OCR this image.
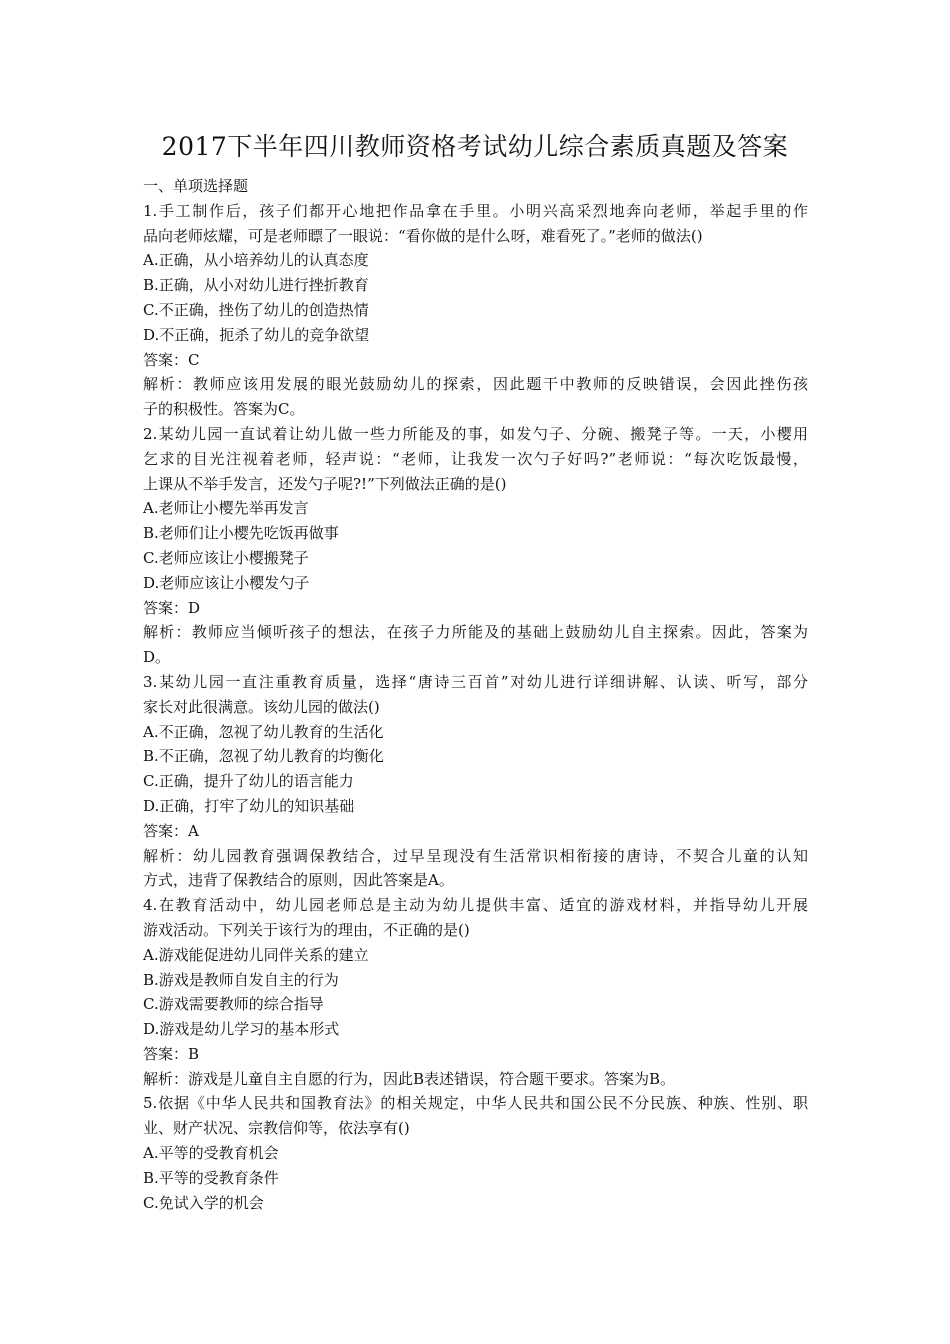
2017下半年四川教师资格考试幼儿综合素质真题及答案
一、单项选择题
1.手工制作后，孩子们都开心地把作品拿在手里。小明兴高采烈地奔向老师，举起手里的作
品向老师炫耀，可是老师瞟了一眼说：“看你做的是什么呀，难看死了。”老师的做法()
A.正确，从小培养幼儿的认真态度
B.正确，从小对幼儿进行挫折教育
C.不正确，挫伤了幼儿的创造热情
D.不正确，扼杀了幼儿的竞争欲望
答案：C
解析：教师应该用发展的眼光鼓励幼儿的探索，因此题干中教师的反映错误，会因此挫伤孩
子的积极性。答案为C。
2.某幼儿园一直试着让幼儿做一些力所能及的事，如发勺子、分碗、搬凳子等。一天，小樱用
乞求的目光注视着老师，轻声说：“老师，让我发一次勺子好吗?”老师说：“每次吃饭最慢，
上课从不举手发言，还发勺子呢?!”下列做法正确的是()
A.老师让小樱先举再发言
B.老师们让小樱先吃饭再做事
C.老师应该让小樱搬凳子
D.老师应该让小樱发勺子
答案：D
解析：教师应当倾听孩子的想法，在孩子力所能及的基础上鼓励幼儿自主探索。因此，答案为
D。
3.某幼儿园一直注重教育质量，选择“唐诗三百首”对幼儿进行详细讲解、认读、听写，部分
家长对此很满意。该幼儿园的做法()
A.不正确，忽视了幼儿教育的生活化
B.不正确，忽视了幼儿教育的均衡化
C.正确，提升了幼儿的语言能力
D.正确，打牢了幼儿的知识基础
答案：A
解析：幼儿园教育强调保教结合，过早呈现没有生活常识相衔接的唐诗，不契合儿童的认知
方式，违背了保教结合的原则，因此答案是A。
4.在教育活动中，幼儿园老师总是主动为幼儿提供丰富、适宜的游戏材料，并指导幼儿开展
游戏活动。下列关于该行为的理由，不正确的是()
A.游戏能促进幼儿同伴关系的建立
B.游戏是教师自发自主的行为
C.游戏需要教师的综合指导
D.游戏是幼儿学习的基本形式
答案：B
解析：游戏是儿童自主自愿的行为，因此B表述错误，符合题干要求。答案为B。
5.依据《中华人民共和国教育法》的相关规定，中华人民共和国公民不分民族、种族、性别、职
业、财产状况、宗教信仰等，依法享有()
A.平等的受教育机会
B.平等的受教育条件
C.免试入学的机会
